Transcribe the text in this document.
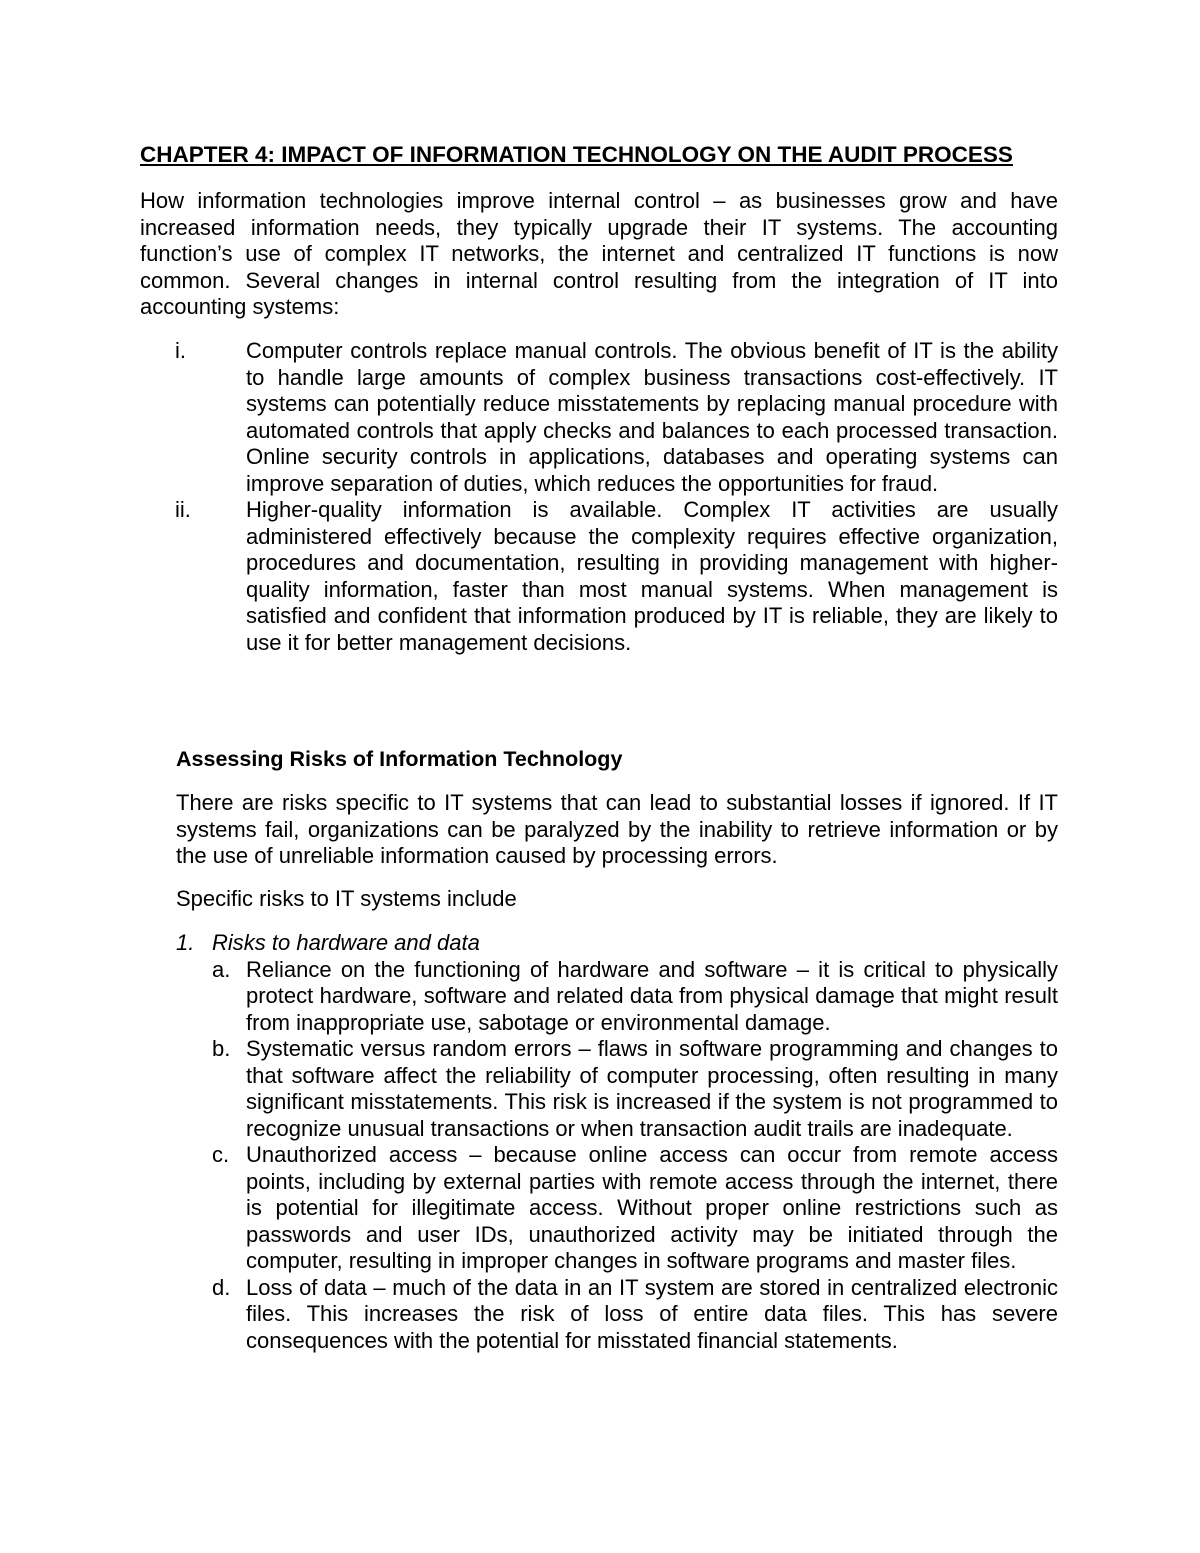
CHAPTER 4: IMPACT OF INFORMATION TECHNOLOGY ON THE AUDIT PROCESS

How information technologies improve internal control – as businesses grow and have increased information needs, they typically upgrade their IT systems. The accounting function’s use of complex IT networks, the internet and centralized IT functions is now common. Several changes in internal control resulting from the integration of IT into accounting systems:

i.	Computer controls replace manual controls. The obvious benefit of IT is the ability to handle large amounts of complex business transactions cost-effectively. IT systems can potentially reduce misstatements by replacing manual procedure with automated controls that apply checks and balances to each processed transaction. Online security controls in applications, databases and operating systems can improve separation of duties, which reduces the opportunities for fraud.

ii.	Higher-quality information is available. Complex IT activities are usually administered effectively because the complexity requires effective organization, procedures and documentation, resulting in providing management with higher-quality information, faster than most manual systems. When management is satisfied and confident that information produced by IT is reliable, they are likely to use it for better management decisions.

Assessing Risks of Information Technology

There are risks specific to IT systems that can lead to substantial losses if ignored. If IT systems fail, organizations can be paralyzed by the inability to retrieve information or by the use of unreliable information caused by processing errors.

Specific risks to IT systems include

1. Risks to hardware and data
a. Reliance on the functioning of hardware and software – it is critical to physically protect hardware, software and related data from physical damage that might result from inappropriate use, sabotage or environmental damage.

b. Systematic versus random errors – flaws in software programming and changes to that software affect the reliability of computer processing, often resulting in many significant misstatements. This risk is increased if the system is not programmed to recognize unusual transactions or when transaction audit trails are inadequate.

c. Unauthorized access – because online access can occur from remote access points, including by external parties with remote access through the internet, there is potential for illegitimate access. Without proper online restrictions such as passwords and user IDs, unauthorized activity may be initiated through the computer, resulting in improper changes in software programs and master files.

d. Loss of data – much of the data in an IT system are stored in centralized electronic files. This increases the risk of loss of entire data files. This has severe consequences with the potential for misstated financial statements.
